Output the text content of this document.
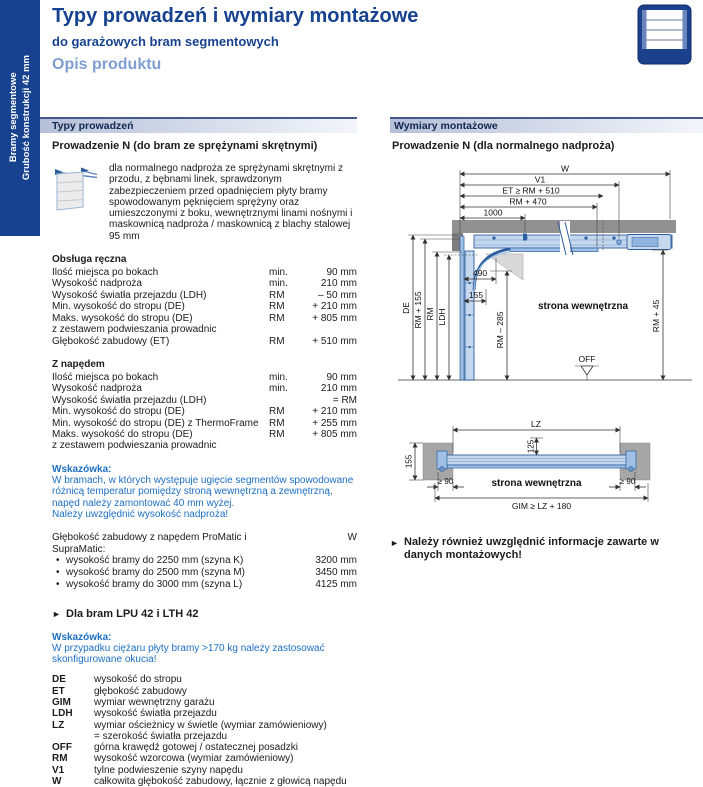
Bramy segmentowe Grubość konstrukcji 42 mm
Typy prowadzeń i wymiary montażowe
do garażowych bram segmentowych
Opis produktu
Typy prowadzeń
Prowadzenie N (do bram ze sprężynami skrętnymi)
dla normalnego nadproża ze sprężynami skrętnymi z przodu, z bębnami linek, sprawdzonym zabezpieczeniem przed opadnięciem płyty bramy spowodowanym pęknięciem sprężyny oraz umieszczonymi z boku, wewnętrznymi linami nośnymi i maskownicą nadproża / maskownicą z blachy stalowej 95 mm
Obsługa ręczna
Ilość miejsca po bokach	min.	90 mm
Wysokość nadproża	min.	210 mm
Wysokość światła przejazdu (LDH)	RM	– 50 mm
Min. wysokość do stropu (DE)	RM	+ 210 mm
Maks. wysokość do stropu (DE)	RM	+ 805 mm
z zestawem podwieszania prowadnic
Głębokość zabudowy (ET)	RM	+ 510 mm
Z napędem
Ilość miejsca po bokach	min.	90 mm
Wysokość nadproża	min.	210 mm
Wysokość światła przejazdu (LDH)	= RM
Min. wysokość do stropu (DE)	RM	+ 210 mm
Min. wysokość do stropu (DE) z ThermoFrame	RM	+ 255 mm
Maks. wysokość do stropu (DE)	RM	+ 805 mm
z zestawem podwieszania prowadnic
Wskazówka:
W bramach, w których występuje ugięcie segmentów spowodowane różnicą temperatur pomiędzy stroną wewnętrzną a zewnętrzną, napęd należy zamontować 40 mm wyżej.
Należy uwzględnić wysokość nadproża!
Głębokość zabudowy z napędem ProMatic i SupraMatic:
W
• wysokość bramy do 2250 mm (szyna K)	3200 mm
• wysokość bramy do 2500 mm (szyna M)	3450 mm
• wysokość bramy do 3000 mm (szyna L)	4125 mm
► Dla bram LPU 42 i LTH 42
Wskazówka:
W przypadku ciężaru płyty bramy >170 kg należy zastosować skonfigurowane okucia!
DE	wysokość do stropu
ET	głębokość zabudowy
GIM	wymiar wewnętrzny garażu
LDH	wysokość światła przejazdu
LZ	wymiar ościeżnicy w świetle (wymiar zamówieniowy)
= szerokość światła przejazdu
OFF	górna krawędź gotowej / ostatecznej posadzki
RM	wysokość wzorcowa (wymiar zamówieniowy)
V1	tylne podwieszenie szyny napędu
W	całkowita głębokość zabudowy, łącznie z głowicą napędu
Wymiary montażowe
Prowadzenie N (dla normalnego nadproża)
W
V1
ET ≥ RM + 510
RM + 470
1000
DE RM + 155 RM LDH
490
155
RM – 285	RM + 45
strona wewnętrzna
OFF
LZ
125
155
≥ 90	≥ 90
strona wewnętrzna
GIM ≥ LZ + 180
► Należy również uwzględnić informacje zawarte w danych montażowych!
